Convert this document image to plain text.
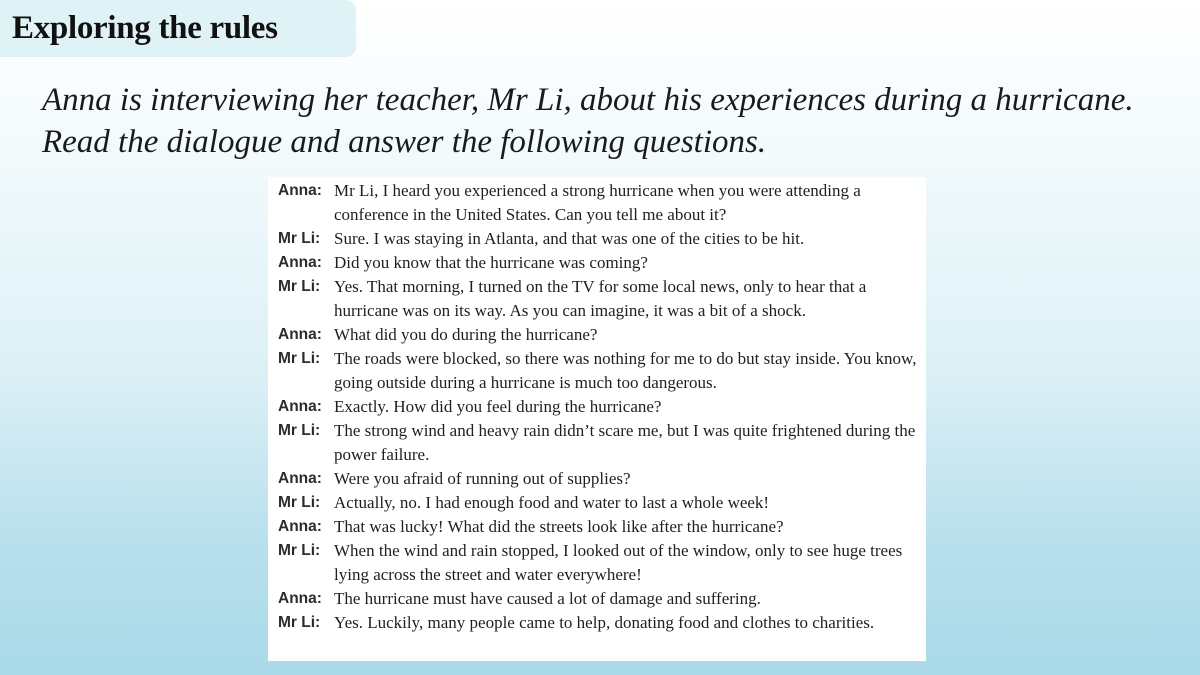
Exploring the rules
Anna is interviewing her teacher, Mr Li, about his experiences during a hurricane. Read the dialogue and answer the following questions.
Anna: Mr Li, I heard you experienced a strong hurricane when you were attending a conference in the United States. Can you tell me about it?
Mr Li: Sure. I was staying in Atlanta, and that was one of the cities to be hit.
Anna: Did you know that the hurricane was coming?
Mr Li: Yes. That morning, I turned on the TV for some local news, only to hear that a hurricane was on its way. As you can imagine, it was a bit of a shock.
Anna: What did you do during the hurricane?
Mr Li: The roads were blocked, so there was nothing for me to do but stay inside. You know, going outside during a hurricane is much too dangerous.
Anna: Exactly. How did you feel during the hurricane?
Mr Li: The strong wind and heavy rain didn’t scare me, but I was quite frightened during the power failure.
Anna: Were you afraid of running out of supplies?
Mr Li: Actually, no. I had enough food and water to last a whole week!
Anna: That was lucky! What did the streets look like after the hurricane?
Mr Li: When the wind and rain stopped, I looked out of the window, only to see huge trees lying across the street and water everywhere!
Anna: The hurricane must have caused a lot of damage and suffering.
Mr Li: Yes. Luckily, many people came to help, donating food and clothes to charities.
